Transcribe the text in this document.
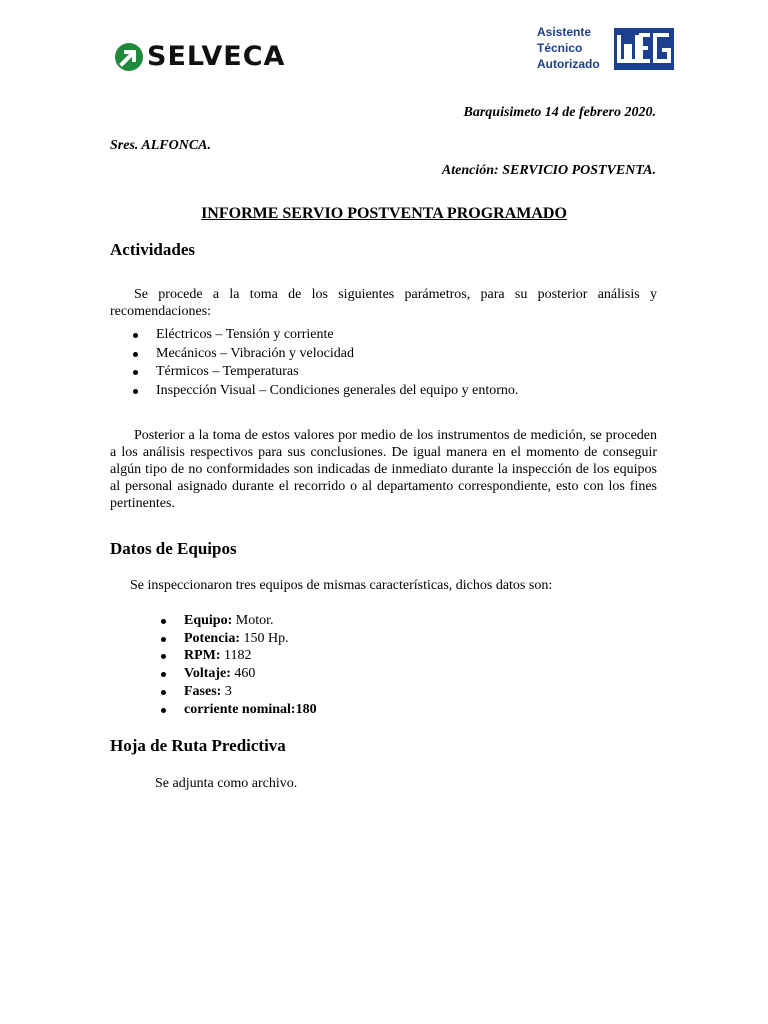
SELVECA
Asistente
Técnico
Autorizado
Barquisimeto 14 de febrero 2020.
Sres. ALFONCA.
Atención: SERVICIO POSTVENTA.
INFORME SERVIO POSTVENTA PROGRAMADO
Actividades
Se procede a la toma de los siguientes parámetros, para su posterior análisis y recomendaciones:
Eléctricos – Tensión y corriente
Mecánicos – Vibración y velocidad
Térmicos – Temperaturas
Inspección Visual – Condiciones generales del equipo y entorno.
Posterior a la toma de estos valores por medio de los instrumentos de medición, se proceden a los análisis respectivos para sus conclusiones. De igual manera en el momento de conseguir algún tipo de no conformidades son indicadas de inmediato durante la inspección de los equipos al personal asignado durante el recorrido o al departamento correspondiente, esto con los fines pertinentes.
Datos de Equipos
Se inspeccionaron tres equipos de mismas características, dichos datos son:
Equipo: Motor.
Potencia: 150 Hp.
RPM: 1182
Voltaje: 460
Fases: 3
corriente nominal:180
Hoja de Ruta Predictiva
Se adjunta como archivo.
